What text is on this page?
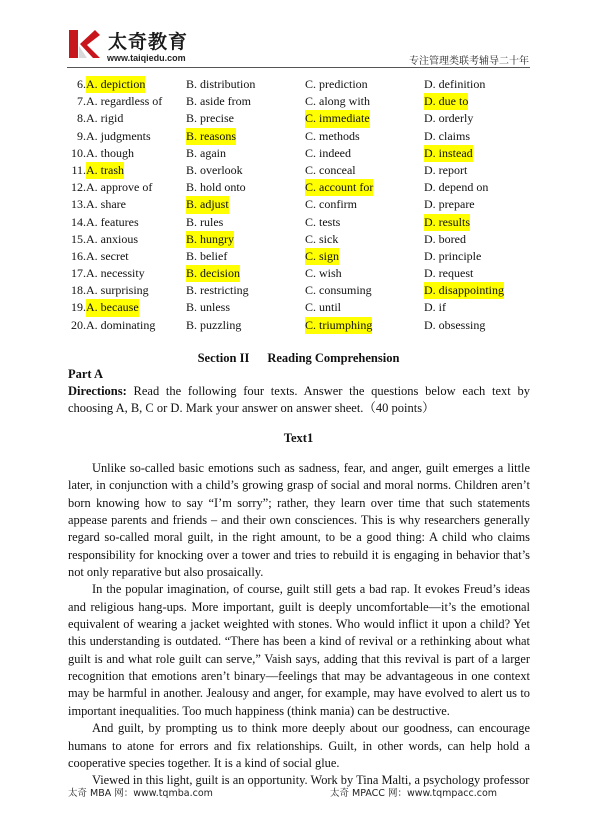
太奇教育
www.taiqiedu.com	专注管理类联考辅导二十年
6. A. depiction	B. distribution	C. prediction	D. definition
7. A. regardless of B. aside from	C. along with	D. due to
8. A. rigid	B. precise	C. immediate	D. orderly
9. A. judgments	B. reasons	C. methods	D. claims
10. A. though	B. again	C. indeed	D. instead
11. A. trash	B. overlook	C. conceal	D. report
12. A. approve of	B. hold onto	C. account for	D. depend on
13. A. share	B. adjust	C. confirm	D. prepare
14. A. features	B. rules	C. tests	D. results
15. A. anxious	B. hungry	C. sick	D. bored
16. A. secret	B. belief	C. sign	D. principle
17. A. necessity	B. decision	C. wish	D. request
18. A. surprising	B. restricting	C. consuming	D. disappointing
19. A. because	B. unless	C. until	D. if
20. A. dominating	B. puzzling	C. triumphing	D. obsessing
Section II Reading Comprehension
Part A
Directions: Read the following four texts. Answer the questions below each text by choosing A, B, C or D. Mark your answer on answer sheet.（40 points）
Text1

Unlike so-called basic emotions such as sadness, fear, and anger, guilt emerges a little later, in conjunction with a child’s growing grasp of social and moral norms. Children aren’t born knowing how to say “I’m sorry”; rather, they learn over time that such statements appease parents and friends – and their own consciences. This is why researchers generally regard so-called moral guilt, in the right amount, to be a good thing: A child who claims responsibility for knocking over a tower and tries to rebuild it is engaging in behavior that’s not only reparative but also prosaically.

In the popular imagination, of course, guilt still gets a bad rap. It evokes Freud’s ideas and religious hang-ups. More important, guilt is deeply uncomfortable—it’s the emotional equivalent of wearing a jacket weighted with stones. Who would inflict it upon a child? Yet this understanding is outdated. “There has been a kind of revival or a rethinking about what guilt is and what role guilt can serve,” Vaish says, adding that this revival is part of a larger recognition that emotions aren’t binary—feelings that may be advantageous in one context may be harmful in another. Jealousy and anger, for example, may have evolved to alert us to important inequalities. Too much happiness (think mania) can be destructive.

And guilt, by prompting us to think more deeply about our goodness, can encourage humans to atone for errors and fix relationships. Guilt, in other words, can help hold a cooperative species together. It is a kind of social glue.

Viewed in this light, guilt is an opportunity. Work by Tina Malti, a psychology professor

太奇 MBA 网：www.tqmba.com	太奇 MPACC 网：www.tqmpacc.com
